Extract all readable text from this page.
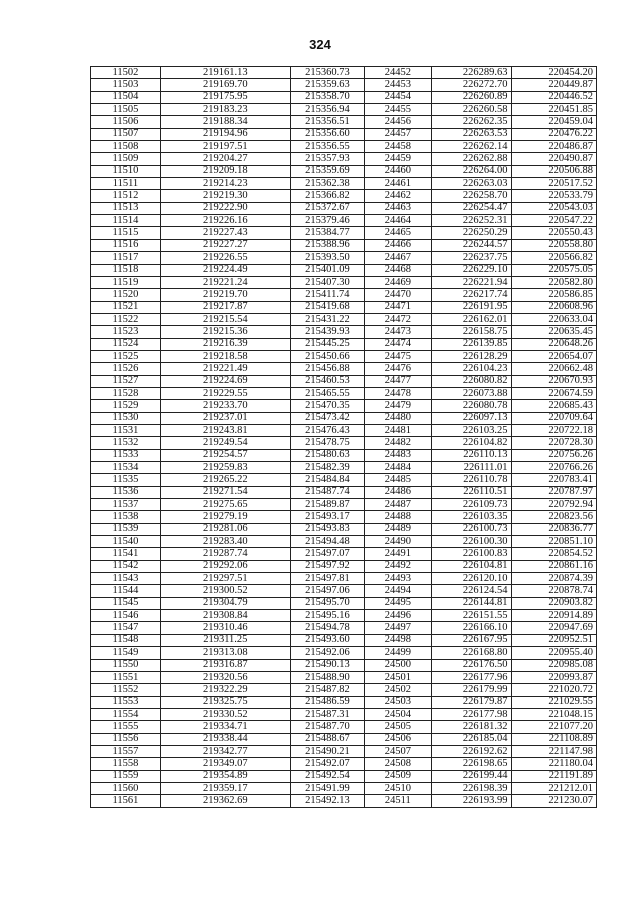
324
11502	219161.13	215360.73	24452	226289.63	220454.20
11503	219169.70	215359.63	24453	226272.70	220449.87
11504	219175.95	215358.70	24454	226260.89	220446.52
11505	219183.23	215356.94	24455	226260.58	220451.85
11506	219188.34	215356.51	24456	226262.35	220459.04
11507	219194.96	215356.60	24457	226263.53	220476.22
11508	219197.51	215356.55	24458	226262.14	220486.87
11509	219204.27	215357.93	24459	226262.88	220490.87
11510	219209.18	215359.69	24460	226264.00	220506.88
11511	219214.23	215362.38	24461	226263.03	220517.52
11512	219219.30	215366.82	24462	226258.70	220533.79
11513	219222.90	215372.67	24463	226254.47	220543.03
11514	219226.16	215379.46	24464	226252.31	220547.22
11515	219227.43	215384.77	24465	226250.29	220550.43
11516	219227.27	215388.96	24466	226244.57	220558.80
11517	219226.55	215393.50	24467	226237.75	220566.82
11518	219224.49	215401.09	24468	226229.10	220575.05
11519	219221.24	215407.30	24469	226221.94	220582.80
11520	219219.70	215411.74	24470	226217.74	220586.85
11521	219217.87	215419.68	24471	226191.95	220608.96
11522	219215.54	215431.22	24472	226162.01	220633.04
11523	219215.36	215439.93	24473	226158.75	220635.45
11524	219216.39	215445.25	24474	226139.85	220648.26
11525	219218.58	215450.66	24475	226128.29	220654.07
11526	219221.49	215456.88	24476	226104.23	220662.48
11527	219224.69	215460.53	24477	226080.82	220670.93
11528	219229.55	215465.55	24478	226073.88	220674.59
11529	219233.70	215470.35	24479	226080.78	220685.43
11530	219237.01	215473.42	24480	226097.13	220709.64
11531	219243.81	215476.43	24481	226103.25	220722.18
11532	219249.54	215478.75	24482	226104.82	220728.30
11533	219254.57	215480.63	24483	226110.13	220756.26
11534	219259.83	215482.39	24484	226111.01	220766.26
11535	219265.22	215484.84	24485	226110.78	220783.41
11536	219271.54	215487.74	24486	226110.51	220787.97
11537	219275.65	215489.87	24487	226109.73	220792.94
11538	219279.19	215493.17	24488	226103.35	220823.56
11539	219281.06	215493.83	24489	226100.73	220836.77
11540	219283.40	215494.48	24490	226100.30	220851.10
11541	219287.74	215497.07	24491	226100.83	220854.52
11542	219292.06	215497.92	24492	226104.81	220861.16
11543	219297.51	215497.81	24493	226120.10	220874.39
11544	219300.52	215497.06	24494	226124.54	220878.74
11545	219304.79	215495.70	24495	226144.81	220903.82
11546	219308.84	215495.16	24496	226151.55	220914.89
11547	219310.46	215494.78	24497	226166.10	220947.69
11548	219311.25	215493.60	24498	226167.95	220952.51
11549	219313.08	215492.06	24499	226168.80	220955.40
11550	219316.87	215490.13	24500	226176.50	220985.08
11551	219320.56	215488.90	24501	226177.96	220993.87
11552	219322.29	215487.82	24502	226179.99	221020.72
11553	219325.75	215486.59	24503	226179.87	221029.55
11554	219330.52	215487.31	24504	226177.98	221048.15
11555	219334.71	215487.70	24505	226181.32	221077.20
11556	219338.44	215488.67	24506	226185.04	221108.89
11557	219342.77	215490.21	24507	226192.62	221147.98
11558	219349.07	215492.07	24508	226198.65	221180.04
11559	219354.89	215492.54	24509	226199.44	221191.89
11560	219359.17	215491.99	24510	226198.39	221212.01
11561	219362.69	215492.13	24511	226193.99	221230.07
